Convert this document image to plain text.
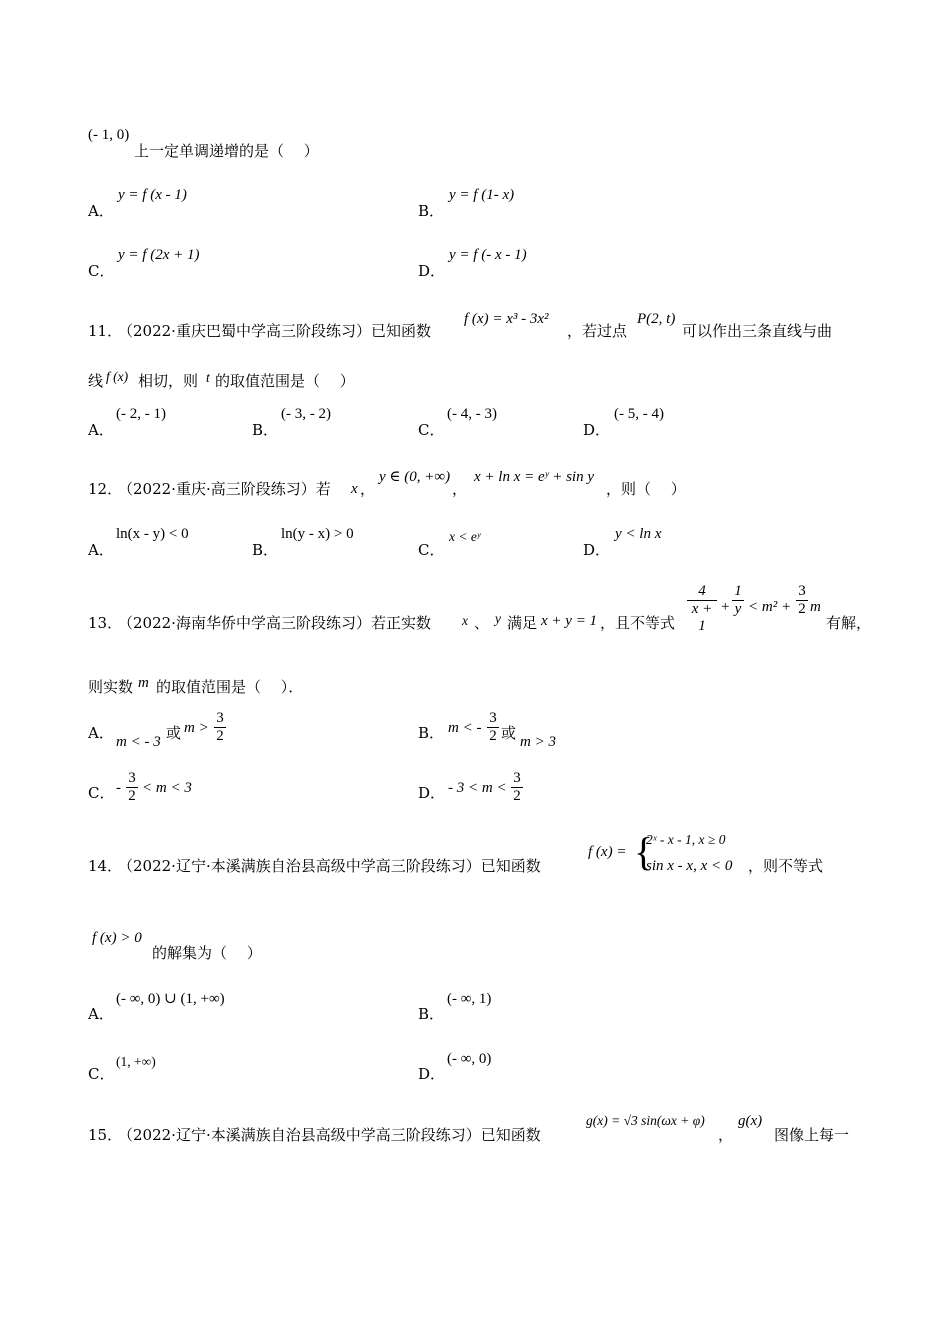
(- 1, 0)
上一定单调递增的是（　 ）
A．
y = f (x - 1)
B．
y = f (1- x)
C．
y = f (2x + 1)
D．
y = f (- x - 1)
11．
（2022·重庆巴蜀中学高三阶段练习）已知函数
f (x) = x³ - 3x²
，若过点
P(2, t)
可以作出三条直线与曲
线 f (x) 相切，则 t 的取值范围是（　 ）
A．
(- 2, - 1)
B．
(- 3, - 2)
C．
(- 4, - 3)
D．
(- 5, - 4)
12．
（2022·重庆·高三阶段练习）若 x ，
y ∈ (0, +∞)
，
x + ln x = eʸ + sin y
，则（　 ）
A．
ln(x - y) < 0
B．
ln(y - x) > 0
C．
x < eʸ
D．
y < ln x
13．
（2022·海南华侨中学高三阶段练习）若正实数 x 、 y 满足 x + y = 1 ，且不等式 $\frac{4}{x + 1} + \frac{1}{y} < m^2 + \frac{3}{2}$ m
有解，
则实数 m 的取值范围是（　 ）．
A． m < - 3 或 $m > \frac{3}{2}$	B． m < - $\frac{3}{2}$ 或 m > 3
C． - $\frac{3}{2} < m < 3$	D． - $3 < m < \frac{3}{2}$
14．
（2022·辽宁·本溪满族自治县高级中学高三阶段练习）已知函数
f (x) = {
2ˣ - x - 1, x ≥ 0
sin x - x, x < 0 ，则不等式
f (x) > 0
的解集为（　 ）
A．
(- ∞, 0) ∪ (1, +∞)
B．
(- ∞, 1)
C．
(1, +∞)
D．
(- ∞, 0)
15．
（2022·辽宁·本溪满族自治县高级中学高三阶段练习）已知函数
g(x) = √3 sin(ωx + φ)
，
g(x)
图像上每一
